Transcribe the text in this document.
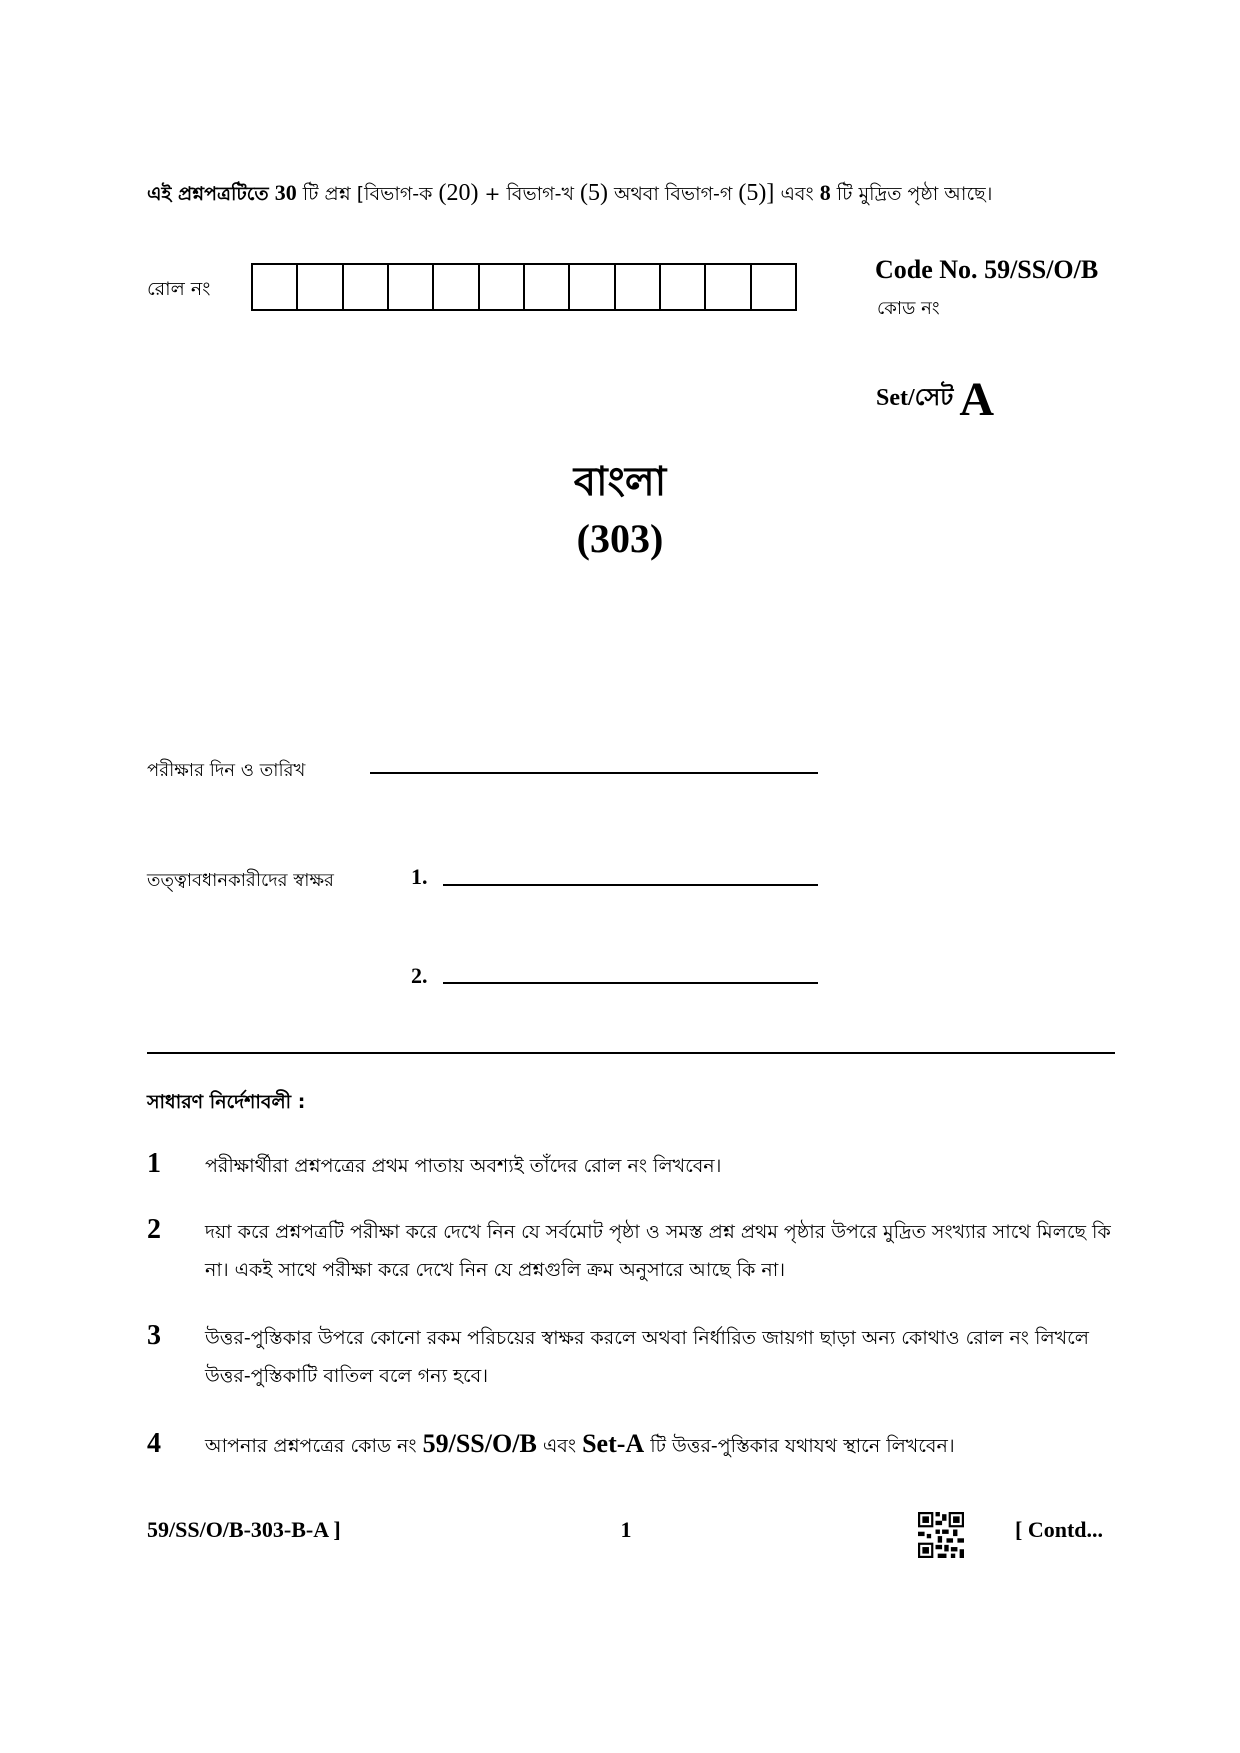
এই প্রশ্নপত্রটিতে 30 টি প্রশ্ন [বিভাগ-ক (20) + বিভাগ-খ (5) অথবা বিভাগ-গ (5)] এবং 8 টি মুদ্রিত পৃষ্ঠা আছে।
রোল নং
Code No. 59/SS/O/B
কোড নং
Set/সেট A
বাংলা
(303)
পরীক্ষার দিন ও তারিখ
তত্ত্বাবধানকারীদের স্বাক্ষর	1.
2.
সাধারণ নির্দেশাবলী :
1 পরীক্ষার্থীরা প্রশ্নপত্রের প্রথম পাতায় অবশ্যই তাঁদের রোল নং লিখবেন।
2 দয়া করে প্রশ্নপত্রটি পরীক্ষা করে দেখে নিন যে সর্বমোট পৃষ্ঠা ও সমস্ত প্রশ্ন প্রথম পৃষ্ঠার উপরে মুদ্রিত সংখ্যার সাথে মিলছে কি না। একই সাথে পরীক্ষা করে দেখে নিন যে প্রশ্নগুলি ক্রম অনুসারে আছে কি না।
3 উত্তর-পুস্তিকার উপরে কোনো রকম পরিচয়ের স্বাক্ষর করলে অথবা নির্ধারিত জায়গা ছাড়া অন্য কোথাও রোল নং লিখলে উত্তর-পুস্তিকাটি বাতিল বলে গন্য হবে।
4 আপনার প্রশ্নপত্রের কোড নং 59/SS/O/B এবং Set-A টি উত্তর-পুস্তিকার যথাযথ স্থানে লিখবেন।
59/SS/O/B-303-B-A ]	1	[ Contd...
